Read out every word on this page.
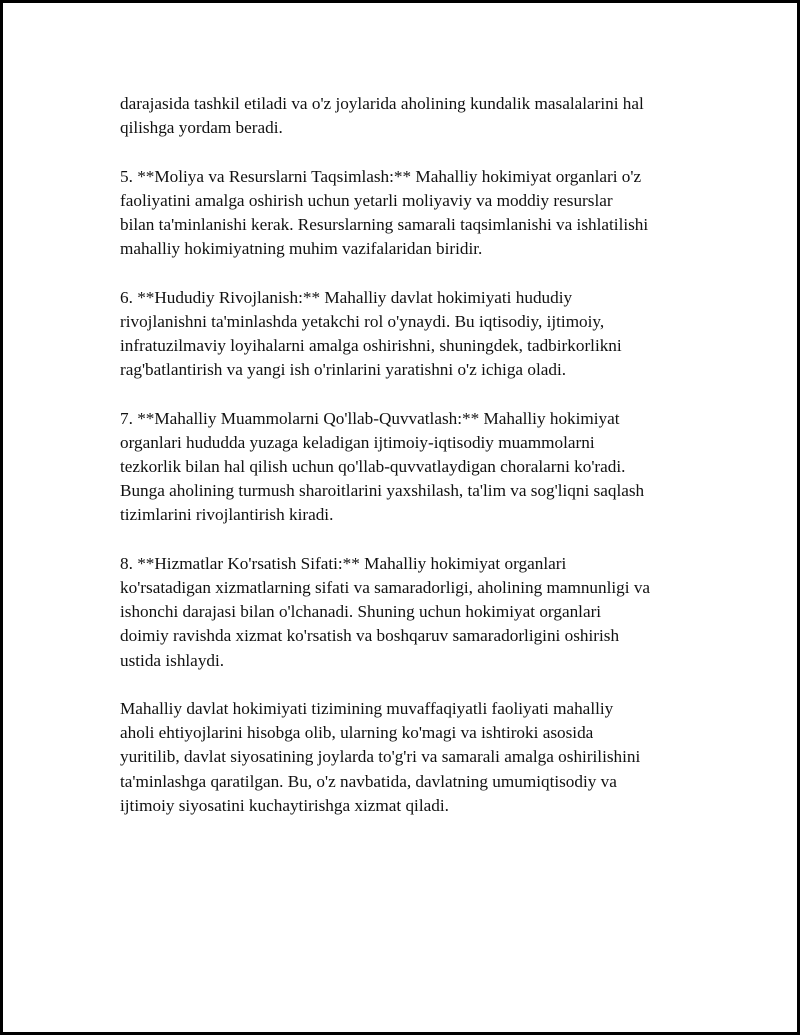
darajasida tashkil etiladi va o'z joylarida aholining kundalik masalalarini hal
qilishga yordam beradi.

5. **Moliya va Resurslarni Taqsimlash:** Mahalliy hokimiyat organlari o'z
faoliyatini amalga oshirish uchun yetarli moliyaviy va moddiy resurslar
bilan ta'minlanishi kerak. Resurslarning samarali taqsimlanishi va ishlatilishi
mahalliy hokimiyatning muhim vazifalaridan biridir.

6. **Hududiy Rivojlanish:** Mahalliy davlat hokimiyati hududiy
rivojlanishni ta'minlashda yetakchi rol o'ynaydi. Bu iqtisodiy, ijtimoiy,
infratuzilmaviy loyihalarni amalga oshirishni, shuningdek, tadbirkorlikni
rag'batlantirish va yangi ish o'rinlarini yaratishni o'z ichiga oladi.

7. **Mahalliy Muammolarni Qo'llab-Quvvatlash:** Mahalliy hokimiyat
organlari hududda yuzaga keladigan ijtimoiy-iqtisodiy muammolarni
tezkorlik bilan hal qilish uchun qo'llab-quvvatlaydigan choralarni ko'radi.
Bunga aholining turmush sharoitlarini yaxshilash, ta'lim va sog'liqni saqlash
tizimlarini rivojlantirish kiradi.

8. **Hizmatlar Ko'rsatish Sifati:** Mahalliy hokimiyat organlari
ko'rsatadigan xizmatlarning sifati va samaradorligi, aholining mamnunligi va
ishonchi darajasi bilan o'lchanadi. Shuning uchun hokimiyat organlari
doimiy ravishda xizmat ko'rsatish va boshqaruv samaradorligini oshirish
ustida ishlaydi.

Mahalliy davlat hokimiyati tizimining muvaffaqiyatli faoliyati mahalliy
aholi ehtiyojlarini hisobga olib, ularning ko'magi va ishtiroki asosida
yuritilib, davlat siyosatining joylarda to'g'ri va samarali amalga oshirilishini
ta'minlashga qaratilgan. Bu, o'z navbatida, davlatning umumiqtisodiy va
ijtimoiy siyosatini kuchaytirishga xizmat qiladi.
